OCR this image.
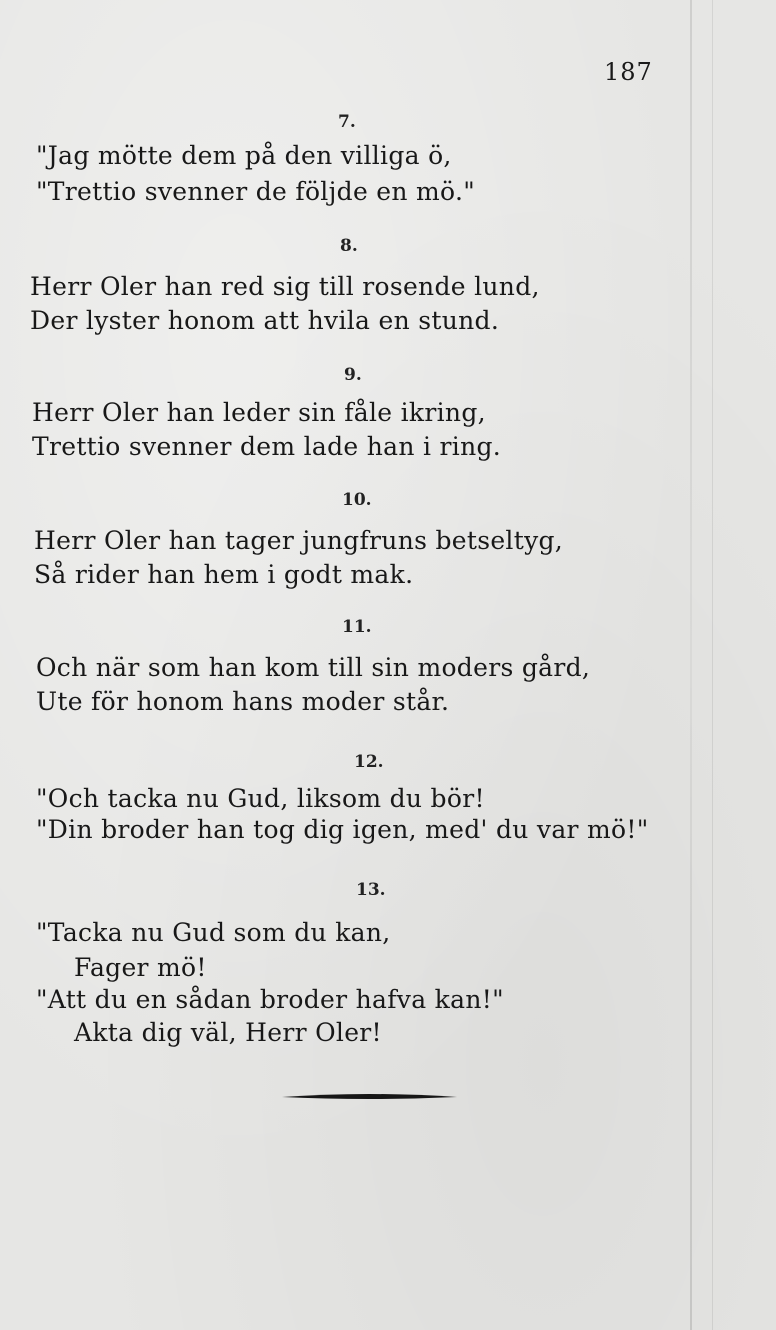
187
7.
"Jag mötte dem på den villiga ö,
"Trettio svenner de följde en mö."
8.
Herr Oler han red sig till rosende lund,
Der lyster honom att hvila en stund.
9.
Herr Oler han leder sin fåle ikring,
Trettio svenner dem lade han i ring.
10.
Herr Oler han tager jungfruns betseltyg,
Så rider han hem i godt mak.
11.
Och när som han kom till sin moders gård,
Ute för honom hans moder står.
12.
"Och tacka nu Gud, liksom du bör!
"Din broder han tog dig igen, med' du var mö!"
13.
"Tacka nu Gud som du kan,
Fager mö!
"Att du en sådan broder hafva kan!"
Akta dig väl, Herr Oler!
